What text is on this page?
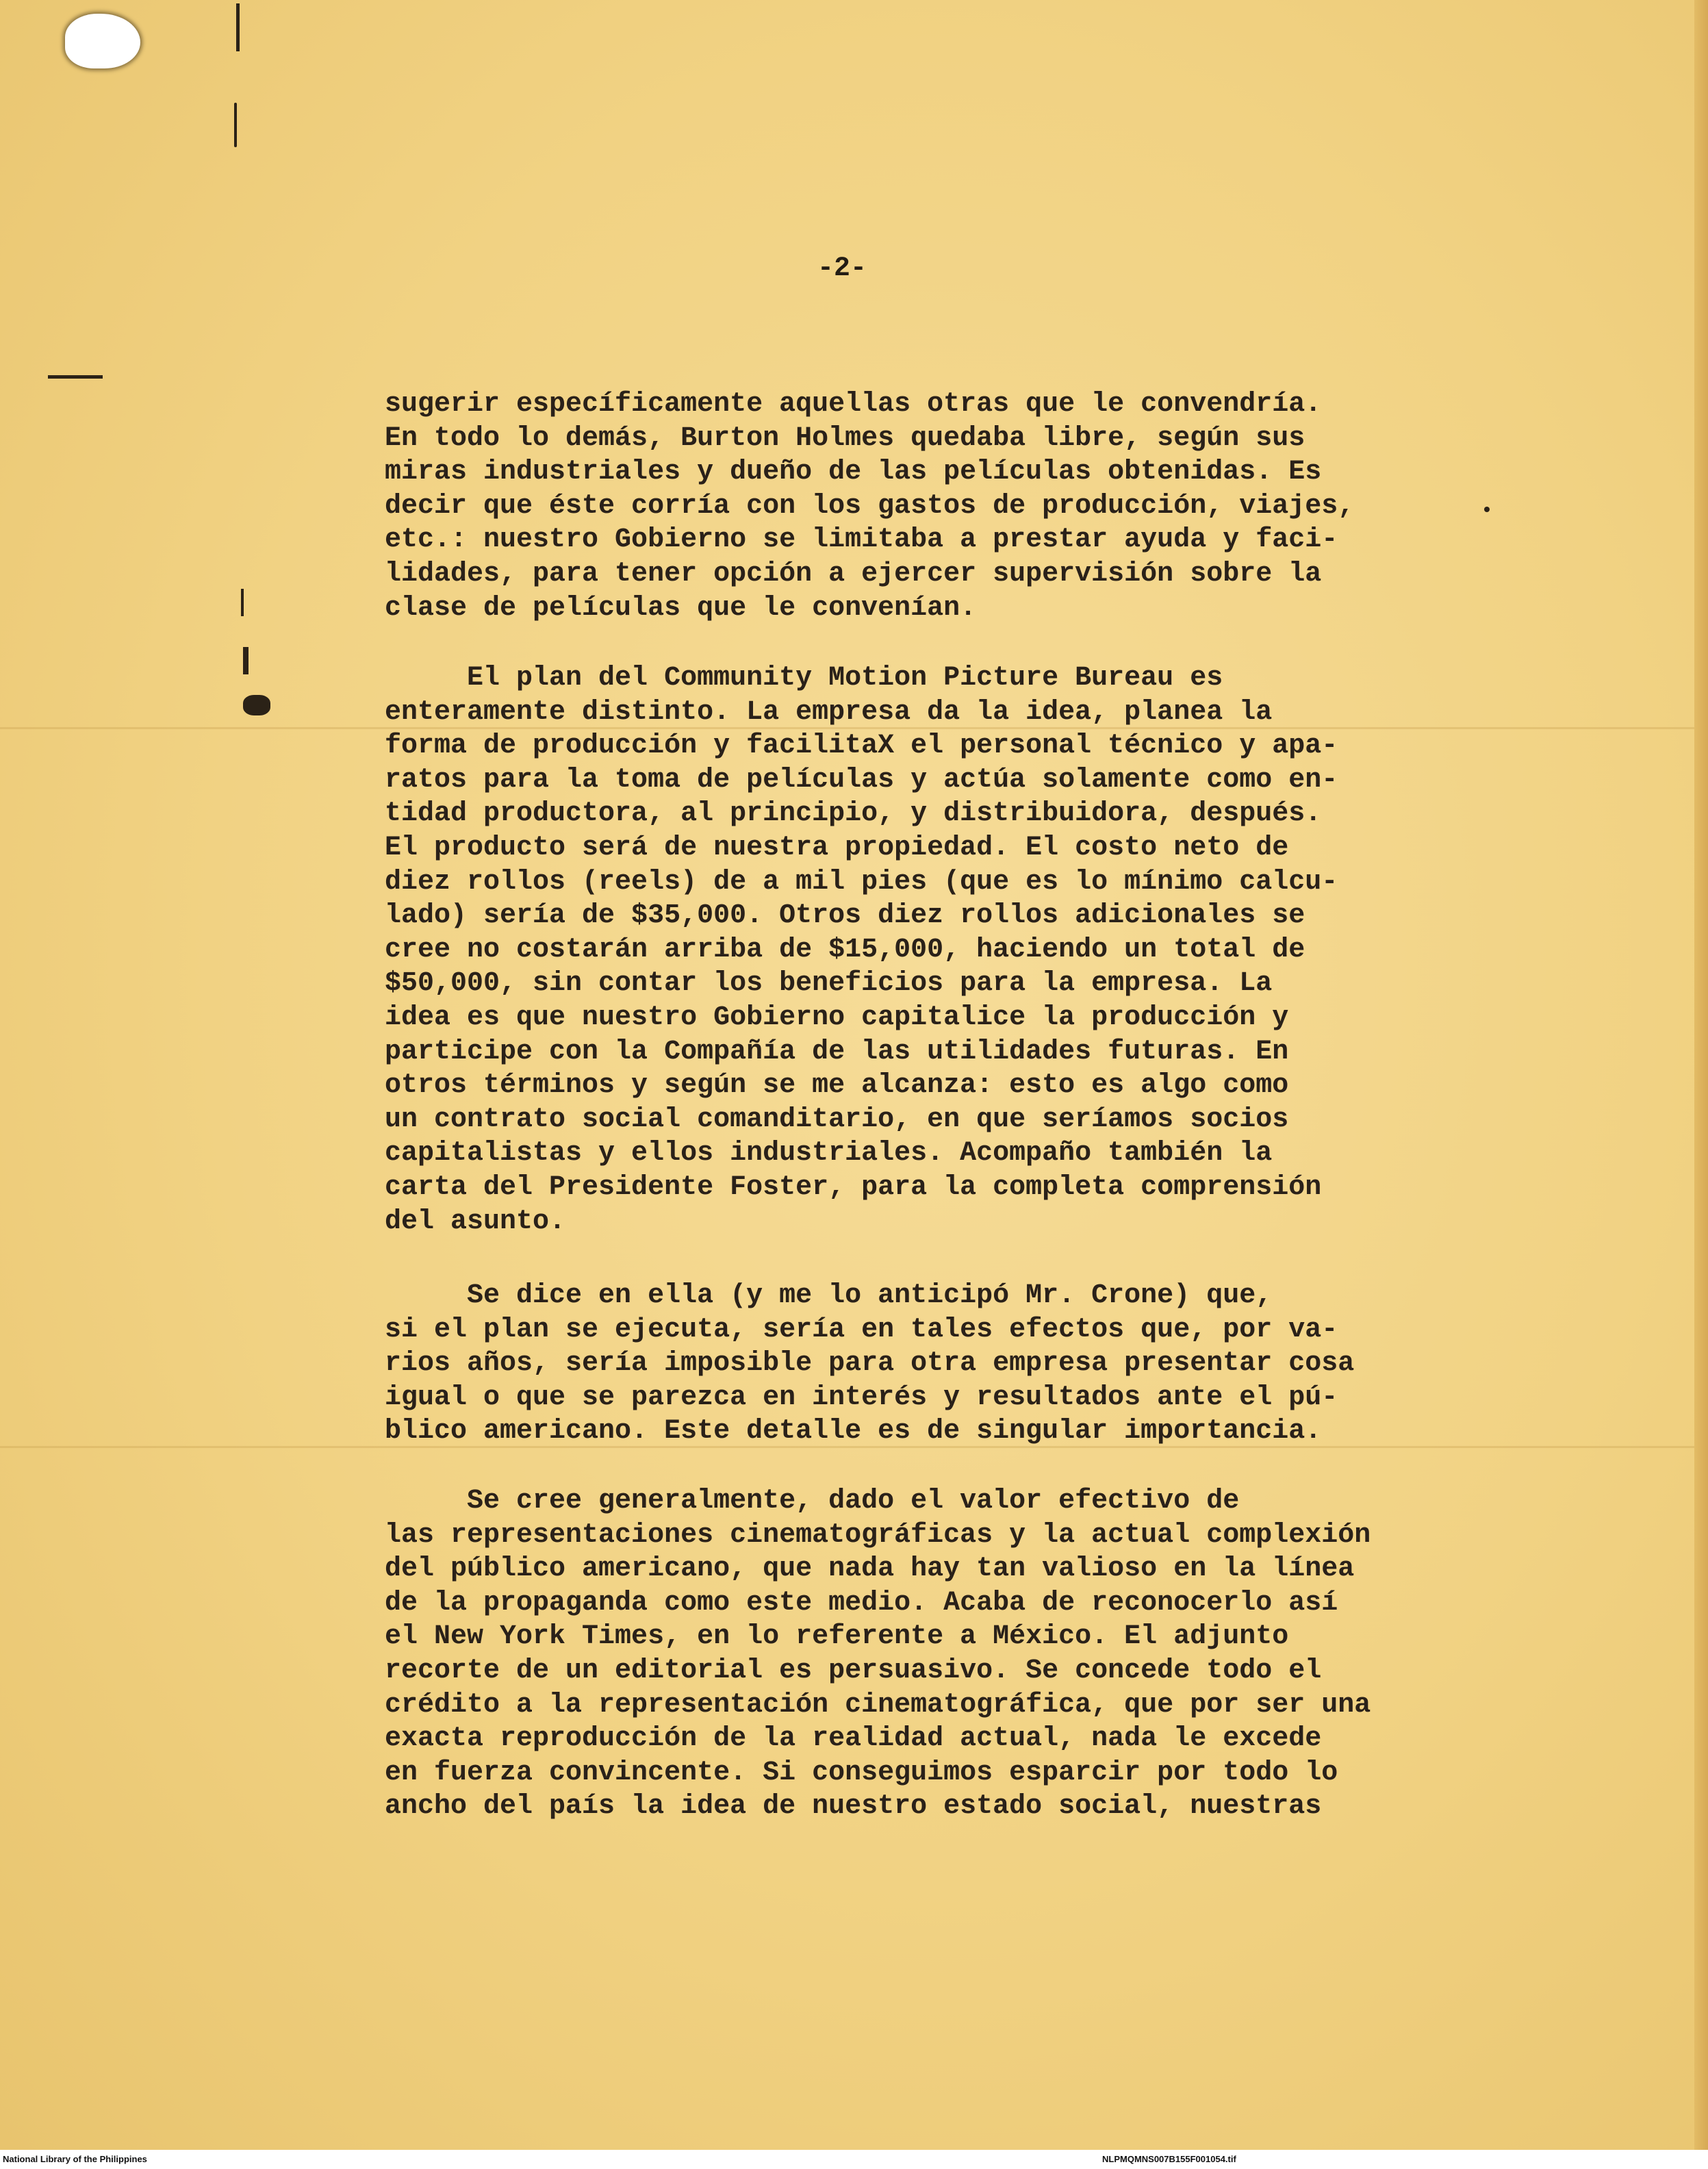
-2-

sugerir específicamente aquellas otras que le convendría.
En todo lo demás, Burton Holmes quedaba libre, según sus
miras industriales y dueño de las películas obtenidas. Es
decir que éste corría con los gastos de producción, viajes,
etc.: nuestro Gobierno se limitaba a prestar ayuda y faci-
lidades, para tener opción a ejercer supervisión sobre la
clase de películas que le convenían.
El plan del Community Motion Picture Bureau es
enteramente distinto. La empresa da la idea, planea la
forma de producción y facilitaX el personal técnico y apa-
ratos para la toma de películas y actúa solamente como en-
tidad productora, al principio, y distribuidora, después.
El producto será de nuestra propiedad. El costo neto de
diez rollos (reels) de a mil pies (que es lo mínimo calcu-
lado) sería de $35,000. Otros diez rollos adicionales se
cree no costarán arriba de $15,000, haciendo un total de
$50,000, sin contar los beneficios para la empresa. La
idea es que nuestro Gobierno capitalice la producción y
participe con la Compañía de las utilidades futuras. En
otros términos y según se me alcanza: esto es algo como
un contrato social comanditario, en que seríamos socios
capitalistas y ellos industriales. Acompaño también la
carta del Presidente Foster, para la completa comprensión
del asunto.
Se dice en ella (y me lo anticipó Mr. Crone) que,
si el plan se ejecuta, sería en tales efectos que, por va-
rios años, sería imposible para otra empresa presentar cosa
igual o que se parezca en interés y resultados ante el pú-
blico americano. Este detalle es de singular importancia.
Se cree generalmente, dado el valor efectivo de
las representaciones cinematográficas y la actual complexión
del público americano, que nada hay tan valioso en la línea
de la propaganda como este medio. Acaba de reconocerlo así
el New York Times, en lo referente a México. El adjunto
recorte de un editorial es persuasivo. Se concede todo el
crédito a la representación cinematográfica, que por ser una
exacta reproducción de la realidad actual, nada le excede
en fuerza convincente. Si conseguimos esparcir por todo lo
ancho del país la idea de nuestro estado social, nuestras

National Library of the Philippines	NLPMQMNS007B155F001054.tif
